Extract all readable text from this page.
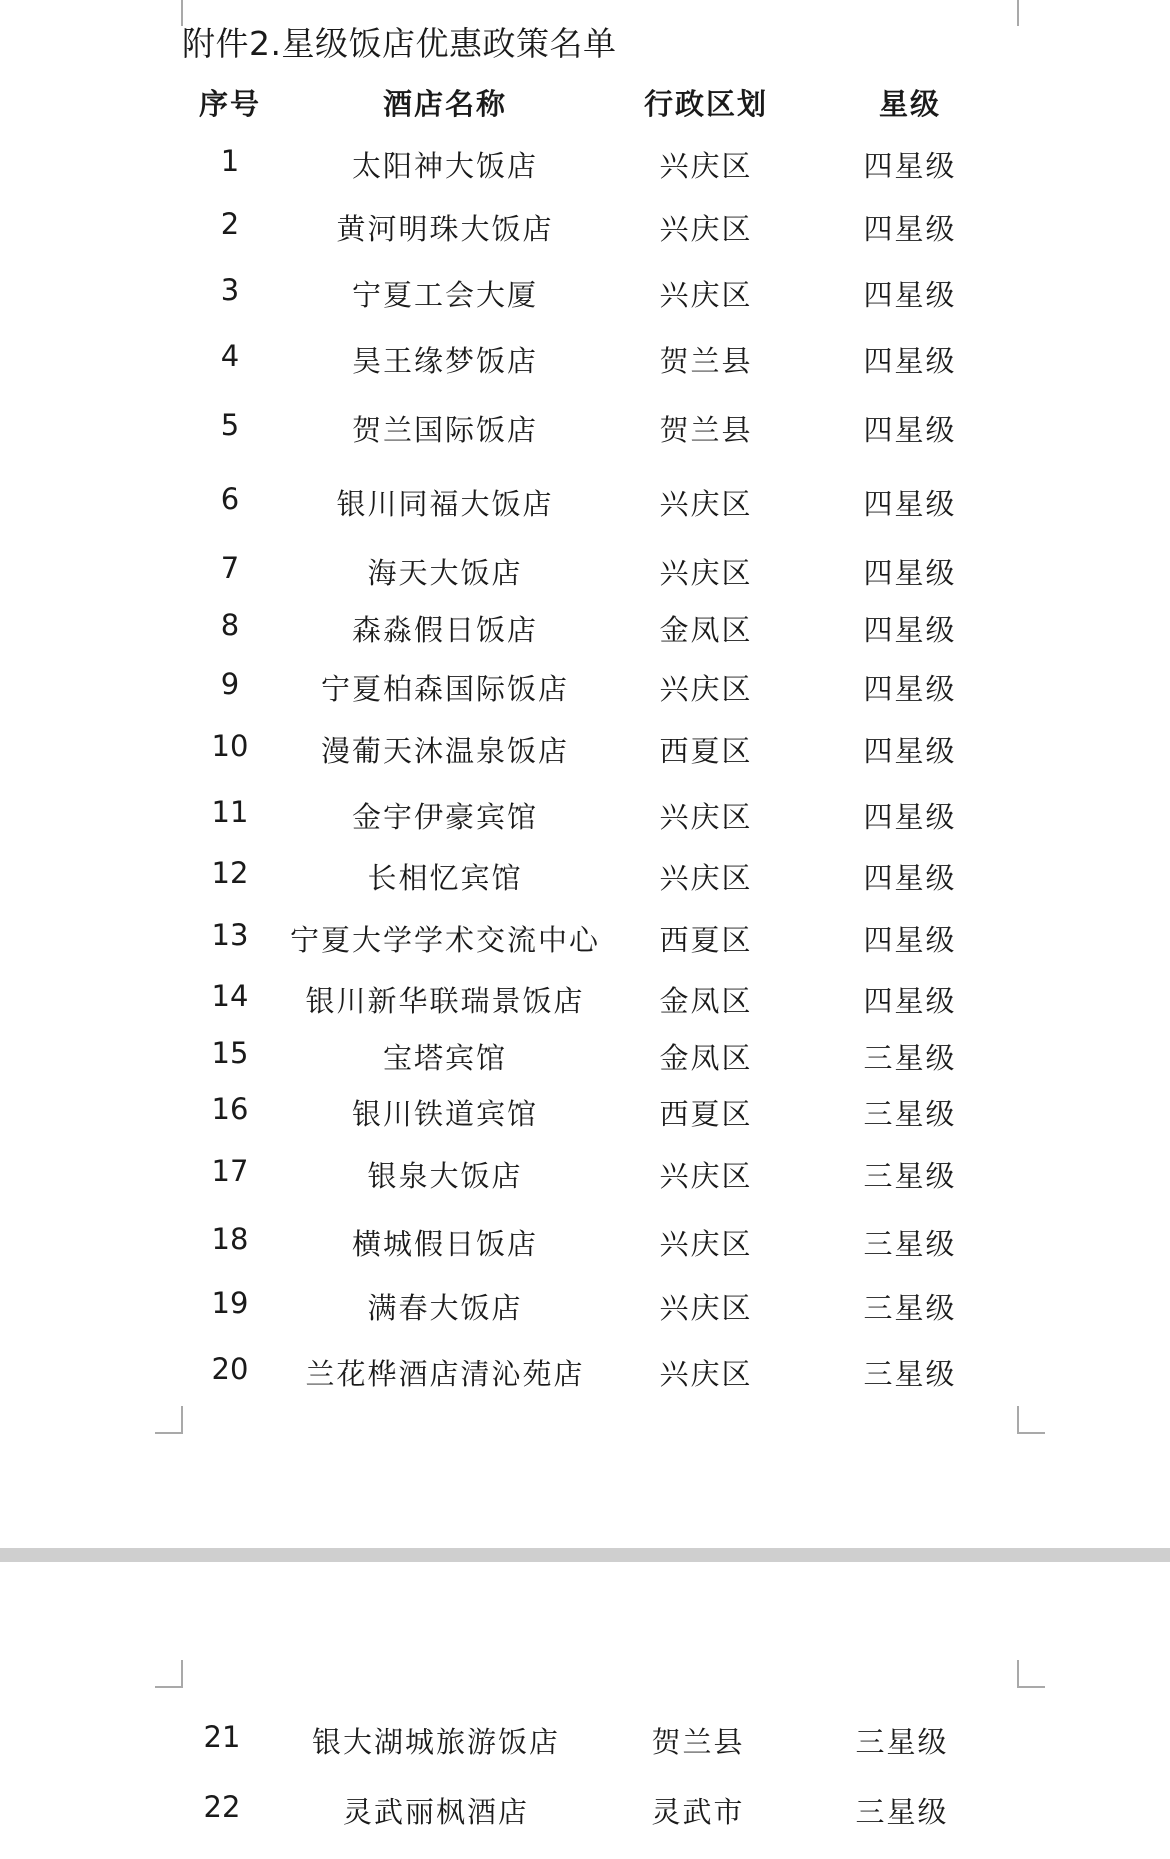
附件2.星级饭店优惠政策名单
序号	酒店名称	行政区划	星级
1	太阳神大饭店	兴庆区	四星级
2	黄河明珠大饭店	兴庆区	四星级
3	宁夏工会大厦	兴庆区	四星级
4	昊王缘梦饭店	贺兰县	四星级
5	贺兰国际饭店	贺兰县	四星级
6	银川同福大饭店	兴庆区	四星级
7	海天大饭店	兴庆区	四星级
8	森淼假日饭店	金凤区	四星级
9	宁夏柏森国际饭店	兴庆区	四星级
10	漫葡天沐温泉饭店	西夏区	四星级
11	金宇伊豪宾馆	兴庆区	四星级
12	长相忆宾馆	兴庆区	四星级
13 宁夏大学学术交流中心 西夏区	四星级
14 银川新华联瑞景饭店	金凤区	四星级
15	宝塔宾馆	金凤区	三星级
16	银川铁道宾馆	西夏区	三星级
17	银泉大饭店	兴庆区	三星级
18	横城假日饭店	兴庆区	三星级
19	满春大饭店	兴庆区	三星级
20 兰花桦酒店清沁苑店	兴庆区	三星级
21 银大湖城旅游饭店	贺兰县	三星级
22	灵武丽枫酒店	灵武市	三星级
